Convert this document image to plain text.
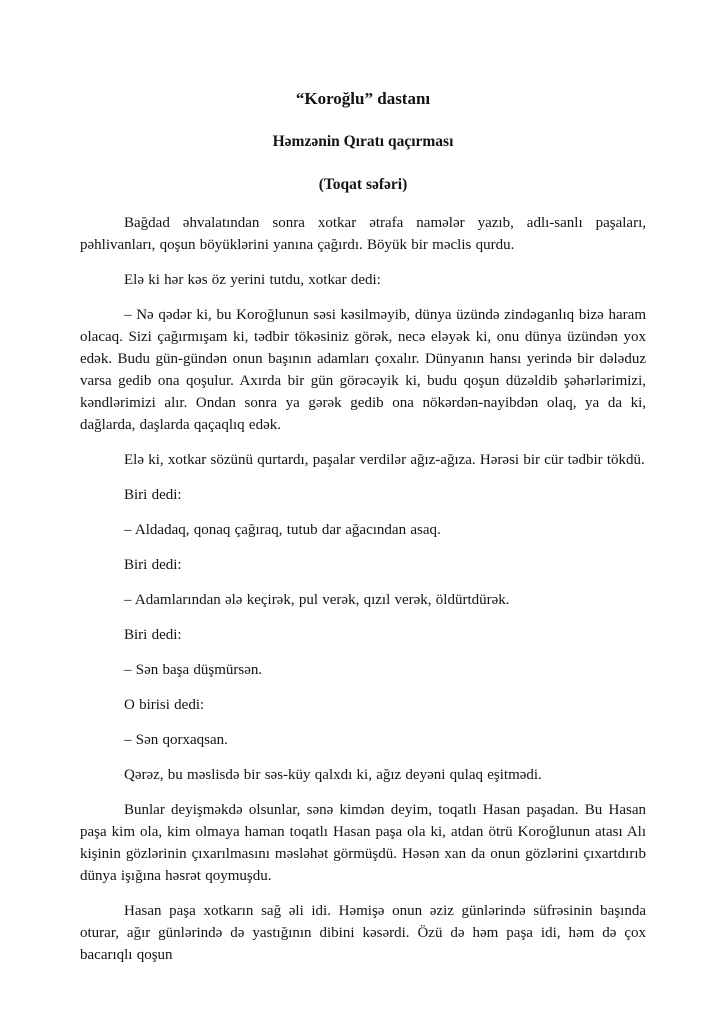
“Koroğlu” dastanı
Həmzənin Qıratı qaçırması
(Toqat səfəri)

Bağdad əhvalatından sonra xotkar ətrafa namələr yazıb, adlı-sanlı paşaları, pəhlivanları, qoşun böyüklərini yanına çağırdı. Böyük bir məclis qurdu.

Elə ki hər kəs öz yerini tutdu, xotkar dedi:

– Nə qədər ki, bu Koroğlunun səsi kəsilməyib, dünya üzündə zindəganlıq bizə haram olacaq. Sizi çağırmışam ki, tədbir tökəsiniz görək, necə eləyək ki, onu dünya üzündən yox edək. Budu gün-gündən onun başının adamları çoxalır. Dünyanın hansı yerində bir dələduz varsa gedib ona qoşulur. Axırda bir gün görəcəyik ki, budu qoşun düzəldib şəhərlərimizi, kəndlərimizi alır. Ondan sonra ya gərək gedib ona nökərdən-nayibdən olaq, ya da ki, dağlarda, daşlarda qaçaqlıq edək.

Elə ki, xotkar sözünü qurtardı, paşalar verdilər ağız-ağıza. Hərəsi bir cür tədbir tökdü.

Biri dedi:

– Aldadaq, qonaq çağıraq, tutub dar ağacından asaq.

Biri dedi:

– Adamlarından ələ keçirək, pul verək, qızıl verək, öldürtdürək.

Biri dedi:

– Sən başa düşmürsən.

O birisi dedi:

– Sən qorxaqsan.

Qərəz, bu məslisdə bir səs-küy qalxdı ki, ağız deyəni qulaq eşitmədi.

Bunlar deyişməkdə olsunlar, sənə kimdən deyim, toqatlı Hasan paşadan. Bu Hasan paşa kim ola, kim olmaya haman toqatlı Hasan paşa ola ki, atdan ötrü Koroğlunun atası Alı kişinin gözlərinin çıxarılmasını məsləhət görmüşdü. Həsən xan da onun gözlərini çıxartdırıb dünya işığına həsrət qoymuşdu.

Hasan paşa xotkarın sağ əli idi. Həmişə onun əziz günlərində süfrəsinin başında oturar, ağır günlərində də yastığının dibini kəsərdi. Özü də həm paşa idi, həm də çox bacarıqlı qoşun
